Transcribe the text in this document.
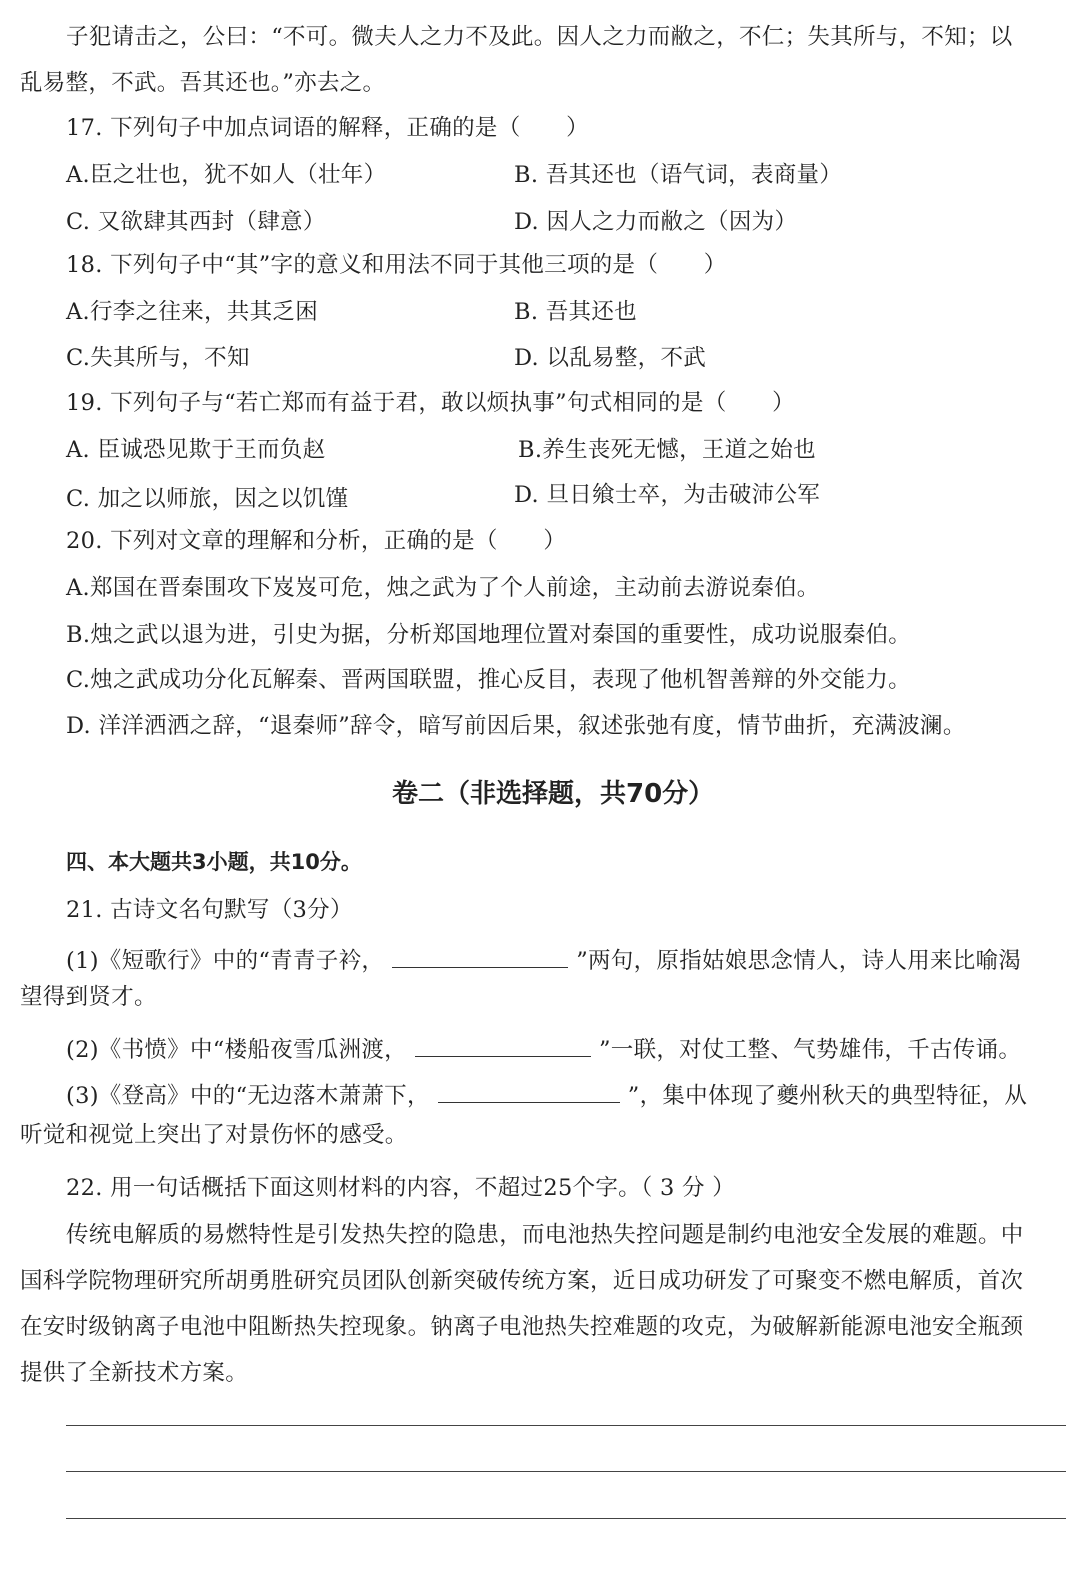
子犯请击之，公曰：“不可。微夫人之力不及此。因人之力而敝之，不仁；失其所与，不知；以
乱易整，不武。吾其还也。”亦去之。
17. 下列句子中加点词语的解释，正确的是（　　）
A.臣之壮也，犹不如人（壮年）	B. 吾其还也（语气词，表商量）
C. 又欲肆其西封（肆意）	D. 因人之力而敝之（因为）
18. 下列句子中“其”字的意义和用法不同于其他三项的是（　　）
A.行李之往来，共其乏困	B. 吾其还也
C.失其所与，不知	D. 以乱易整，不武
19. 下列句子与“若亡郑而有益于君，敢以烦执事”句式相同的是（　　）
A. 臣诚恐见欺于王而负赵	B.养生丧死无憾，王道之始也
C. 加之以师旅，因之以饥馑	D. 旦日飨士卒，为击破沛公军
20. 下列对文章的理解和分析，正确的是（　　）
A.郑国在晋秦围攻下岌岌可危，烛之武为了个人前途，主动前去游说秦伯。
B.烛之武以退为进，引史为据，分析郑国地理位置对秦国的重要性，成功说服秦伯。
C.烛之武成功分化瓦解秦、晋两国联盟，推心反目，表现了他机智善辩的外交能力。
D. 洋洋洒洒之辞，“退秦师”辞令，暗写前因后果，叙述张弛有度，情节曲折，充满波澜。
卷二（非选择题，共70分）
四、本大题共3小题，共10分。
21. 古诗文名句默写（3分）
(1)《短歌行》中的“青青子衿，	”两句，原指姑娘思念情人，诗人用来比喻渴
望得到贤才。
(2)《书愤》中“楼船夜雪瓜洲渡，	”一联，对仗工整、气势雄伟，千古传诵。
(3)《登高》中的“无边落木萧萧下，	”，集中体现了夔州秋天的典型特征，从
听觉和视觉上突出了对景伤怀的感受。
22. 用一句话概括下面这则材料的内容，不超过25个字。（ 3 分 ）
传统电解质的易燃特性是引发热失控的隐患，而电池热失控问题是制约电池安全发展的难题。中
国科学院物理研究所胡勇胜研究员团队创新突破传统方案，近日成功研发了可聚变不燃电解质，首次
在安时级钠离子电池中阻断热失控现象。钠离子电池热失控难题的攻克，为破解新能源电池安全瓶颈
提供了全新技术方案。
